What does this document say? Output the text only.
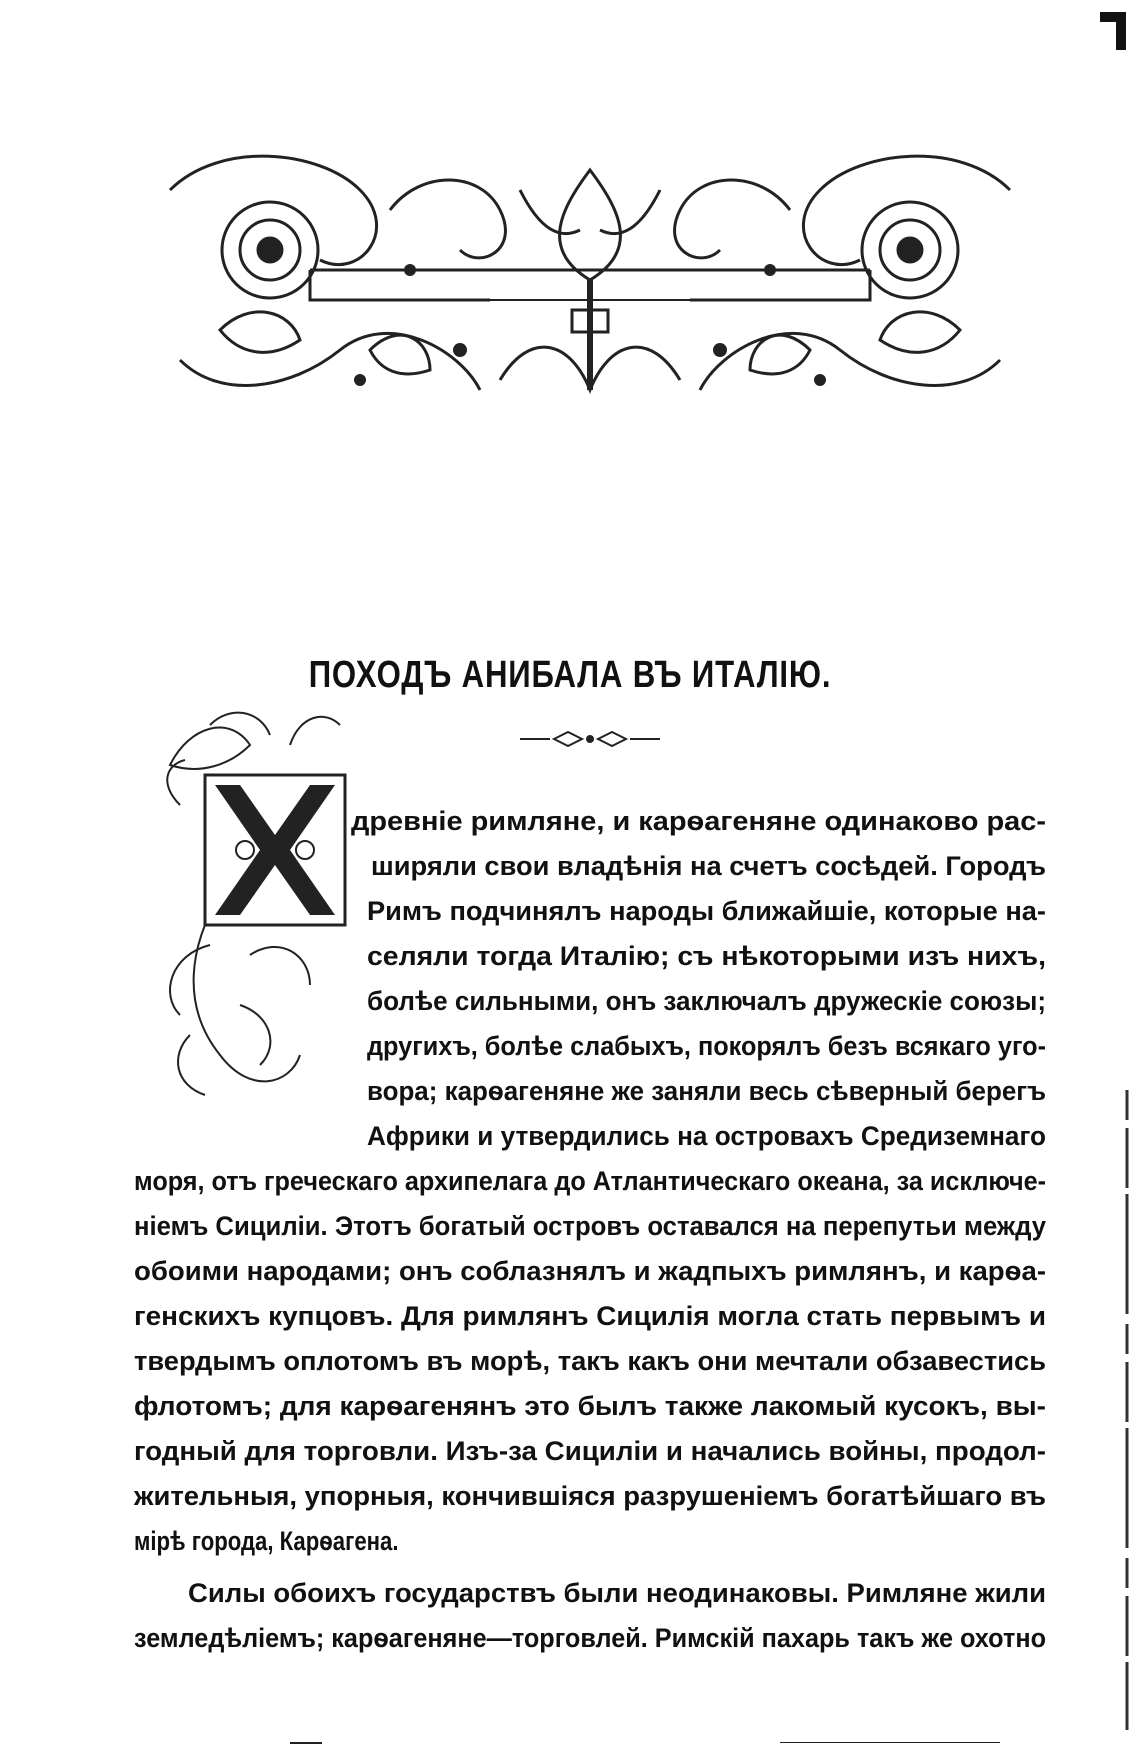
ПОХОДЪ АНИБАЛА ВЪ ИТАЛІЮ.
древніе римляне, и карѳагеняне одинаково рас-
ширяли свои владѣнія на счетъ сосѣдей. Городъ
Римъ подчинялъ народы ближайшіе, которые на-
селяли тогда Италію; съ нѣкоторыми изъ нихъ,
болѣе сильными, онъ заключалъ дружескіе союзы;
другихъ, болѣе слабыхъ, покорялъ безъ всякаго уго-
вора; карѳагеняне же заняли весь сѣверный берегъ
Африки и утвердились на островахъ Средиземнаго
моря, отъ греческаго архипелага до Атлантическаго океана, за исключе-
ніемъ Сициліи. Этотъ богатый островъ оставался на перепутьи между
обоими народами; онъ соблазнялъ и жадпыхъ римлянъ, и карѳа-
генскихъ купцовъ. Для римлянъ Сицилія могла стать первымъ и
твердымъ оплотомъ въ морѣ, такъ какъ они мечтали обзавестись
флотомъ; для карѳагенянъ это былъ также лакомый кусокъ, вы-
годный для торговли. Изъ-за Сициліи и начались войны, продол-
жительныя, упорныя, кончившіяся разрушеніемъ богатѣйшаго въ
мірѣ города, Карѳагена.
Силы обоихъ государствъ были неодинаковы. Римляне жили
земледѣліемъ; карѳагеняне—торговлей. Римскій пахарь такъ же охотно
